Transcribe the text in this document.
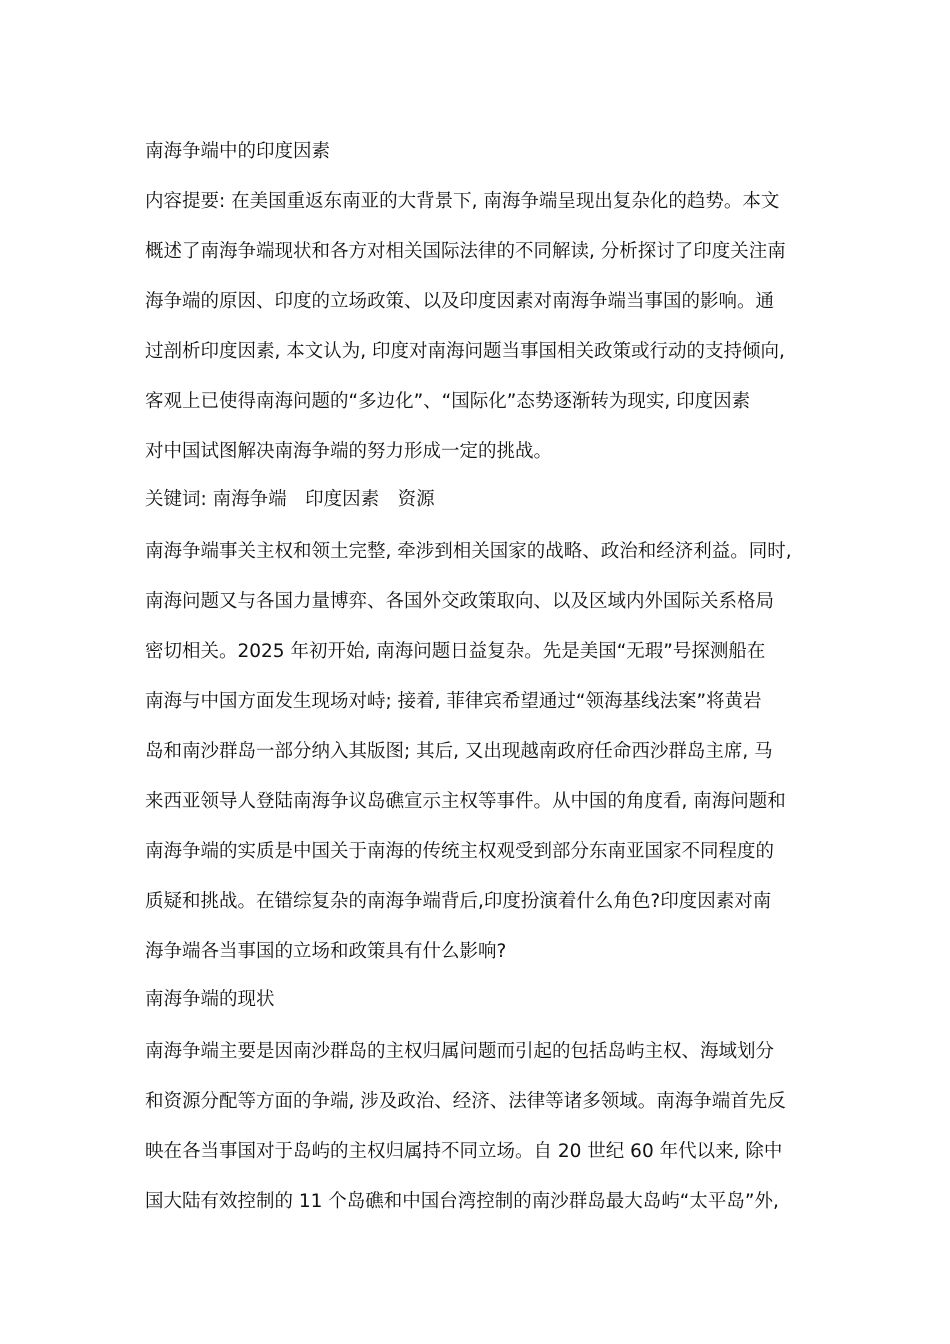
南海争端中的印度因素
内容提要: 在美国重返东南亚的大背景下, 南海争端呈现出复杂化的趋势。本文
概述了南海争端现状和各方对相关国际法律的不同解读, 分析探讨了印度关注南
海争端的原因、印度的立场政策、以及印度因素对南海争端当事国的影响。通
过剖析印度因素, 本文认为, 印度对南海问题当事国相关政策或行动的支持倾向,
客观上已使得南海问题的“多边化”、“国际化”态势逐渐转为现实, 印度因素
对中国试图解决南海争端的努力形成一定的挑战。
关键词: 南海争端　印度因素　资源
南海争端事关主权和领土完整, 牵涉到相关国家的战略、政治和经济利益。同时,
南海问题又与各国力量博弈、各国外交政策取向、以及区域内外国际关系格局
密切相关。2025 年初开始, 南海问题日益复杂。先是美国“无瑕”号探测船在
南海与中国方面发生现场对峙; 接着, 菲律宾希望通过“领海基线法案”将黄岩
岛和南沙群岛一部分纳入其版图; 其后, 又出现越南政府任命西沙群岛主席, 马
来西亚领导人登陆南海争议岛礁宣示主权等事件。从中国的角度看, 南海问题和
南海争端的实质是中国关于南海的传统主权观受到部分东南亚国家不同程度的
质疑和挑战。在错综复杂的南海争端背后,印度扮演着什么角色?印度因素对南
海争端各当事国的立场和政策具有什么影响?
南海争端的现状
南海争端主要是因南沙群岛的主权归属问题而引起的包括岛屿主权、海域划分
和资源分配等方面的争端, 涉及政治、经济、法律等诸多领域。南海争端首先反
映在各当事国对于岛屿的主权归属持不同立场。自 20 世纪 60 年代以来, 除中
国大陆有效控制的 11 个岛礁和中国台湾控制的南沙群岛最大岛屿“太平岛”外,
